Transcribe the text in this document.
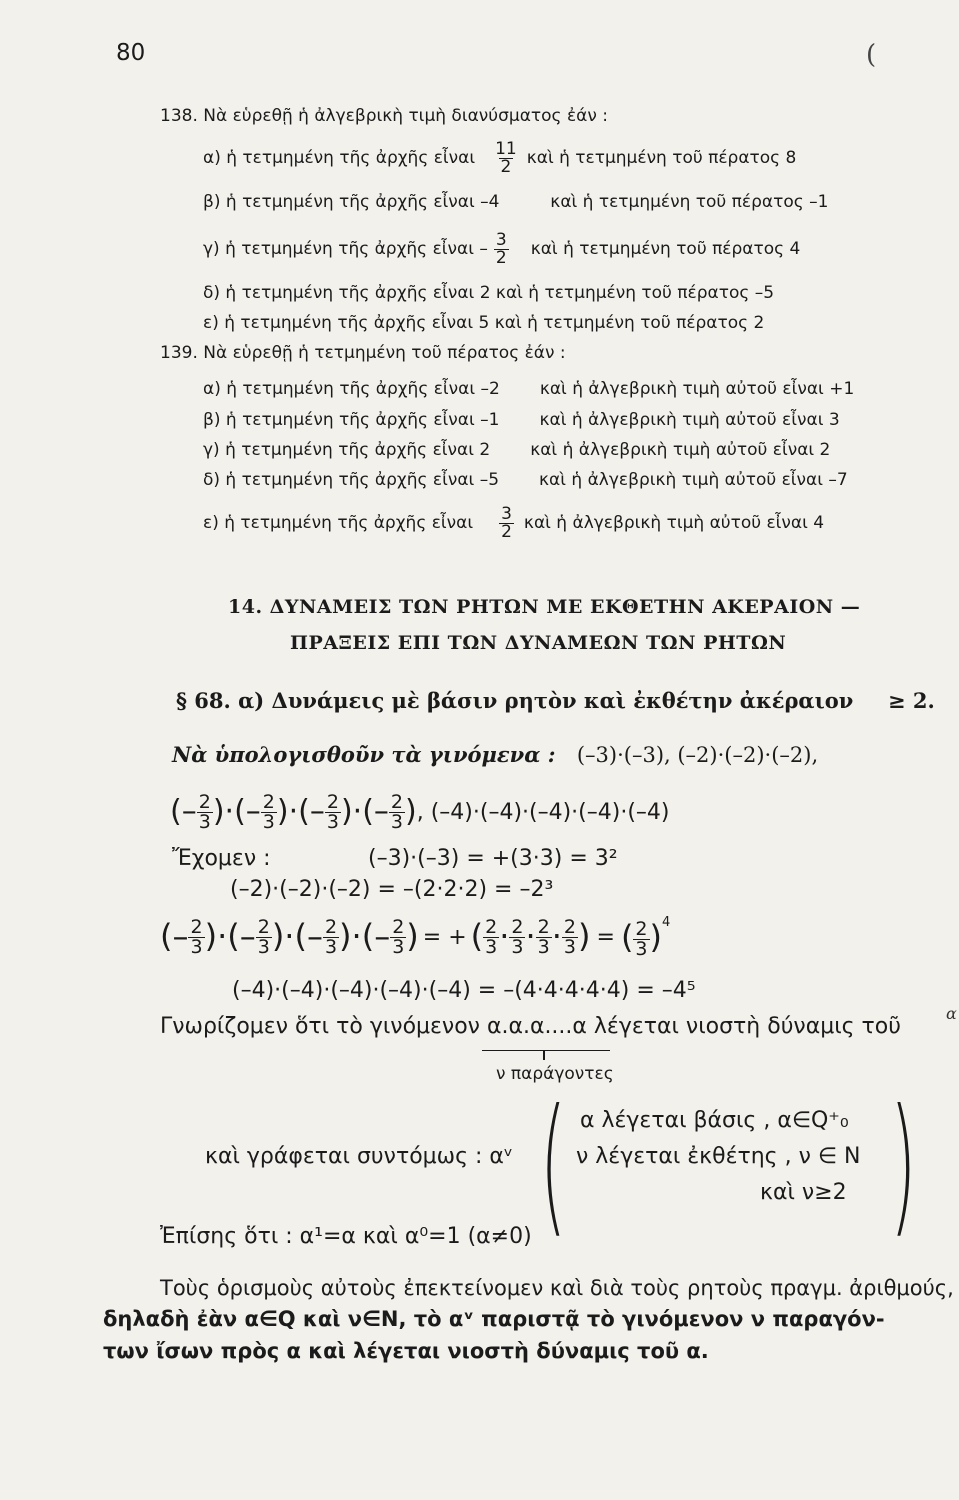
80	(
138. Νὰ εὑρεθῇ ἡ ἀλγεβρικὴ τιμὴ διανύσματος ἐάν :
α) ἡ τετμημένη τῆς ἀρχῆς εἶναι $\frac{11}{2}$ καὶ ἡ τετμημένη τοῦ πέρατος 8
β) ἡ τετμημένη τῆς ἀρχῆς εἶναι –4	καὶ ἡ τετμημένη τοῦ πέρατος –1
γ) ἡ τετμημένη τῆς ἀρχῆς εἶναι – $\frac{3}{2}$ καὶ ἡ τετμημένη τοῦ πέρατος 4
δ) ἡ τετμημένη τῆς ἀρχῆς εἶναι 2 καὶ ἡ τετμημένη τοῦ πέρατος –5
ε) ἡ τετμημένη τῆς ἀρχῆς εἶναι 5 καὶ ἡ τετμημένη τοῦ πέρατος 2
139. Νὰ εὑρεθῇ ἡ τετμημένη τοῦ πέρατος ἐάν :
α) ἡ τετμημένη τῆς ἀρχῆς εἶναι –2 καὶ ἡ ἀλγεβρικὴ τιμὴ αὐτοῦ εἶναι +1
β) ἡ τετμημένη τῆς ἀρχῆς εἶναι –1 καὶ ἡ ἀλγεβρικὴ τιμὴ αὐτοῦ εἶναι 3
γ) ἡ τετμημένη τῆς ἀρχῆς εἶναι 2 καὶ ἡ ἀλγεβρικὴ τιμὴ αὐτοῦ εἶναι 2
δ) ἡ τετμημένη τῆς ἀρχῆς εἶναι –5 καὶ ἡ ἀλγεβρικὴ τιμὴ αὐτοῦ εἶναι –7
ε) ἡ τετμημένη τῆς ἀρχῆς εἶναι $\frac{3}{2}$ καὶ ἡ ἀλγεβρικὴ τιμὴ αὐτοῦ εἶναι 4
14. ΔΥΝΑΜΕΙΣ ΤΩΝ ΡΗΤΩΝ ΜΕ ΕΚΘΕΤΗΝ ΑΚΕΡΑΙΟΝ —
ΠΡΑΞΕΙΣ ΕΠΙ ΤΩΝ ΔΥΝΑΜΕΩΝ ΤΩΝ ΡΗΤΩΝ
§ 68. α) Δυνάμεις μὲ βάσιν ρητὸν καὶ ἐκθέτην ἀκέραιον ≥ 2.
Νὰ ὑπολογισθοῦν τὰ γινόμενα : (–3)·(–3), (–2)·(–2)·(–2),
(– $\frac{2}{3}$ )· (– $\frac{2}{3}$ )· (– $\frac{2}{3}$ )· (– $\frac{2}{3}$ ) , (–4)·(–4)·(–4)·(–4)·(–4)
Ἔχομεν :	(–3)·(–3) = +(3·3) = 3²
(–2)·(–2)·(–2) = –(2·2·2) = –2³
(– $\frac{2}{3}$ )· (– $\frac{2}{3}$ )· (– $\frac{2}{3}$ )· (– $\frac{2}{3}$ ) = + ( $\frac{2}{3} \cdot \frac{2}{3} \cdot \frac{2}{3} \cdot \frac{2}{3}$ ) = ( $\frac{2}{3} )^4$
(–4)·(–4)·(–4)·(–4)·(–4) = –(4·4·4·4·4) = –4⁵
Γνωρίζομεν ὅτι τὸ γινόμενον α.α.α....α λέγεται νιοστὴ δύναμις τοῦ
α
ν παράγοντες
καὶ γράφεται συντόμως : αᵛ ( )
α λέγεται βάσις , α∈Q⁺₀
ν λέγεται ἐκθέτης , ν ∈ N
καὶ ν≥2
Ἐπίσης ὅτι : α¹=α καὶ α⁰=1 (α≠0)
Τοὺς ὁρισμοὺς αὐτοὺς ἐπεκτείνομεν καὶ διὰ τοὺς ρητοὺς πραγμ. ἀριθμούς,
δηλαδὴ ἐὰν α∈Q καὶ ν∈N, τὸ αᵛ παριστᾷ τὸ γινόμενον ν παραγόν-
των ἴσων πρὸς α καὶ λέγεται νιοστὴ δύναμις τοῦ α.
